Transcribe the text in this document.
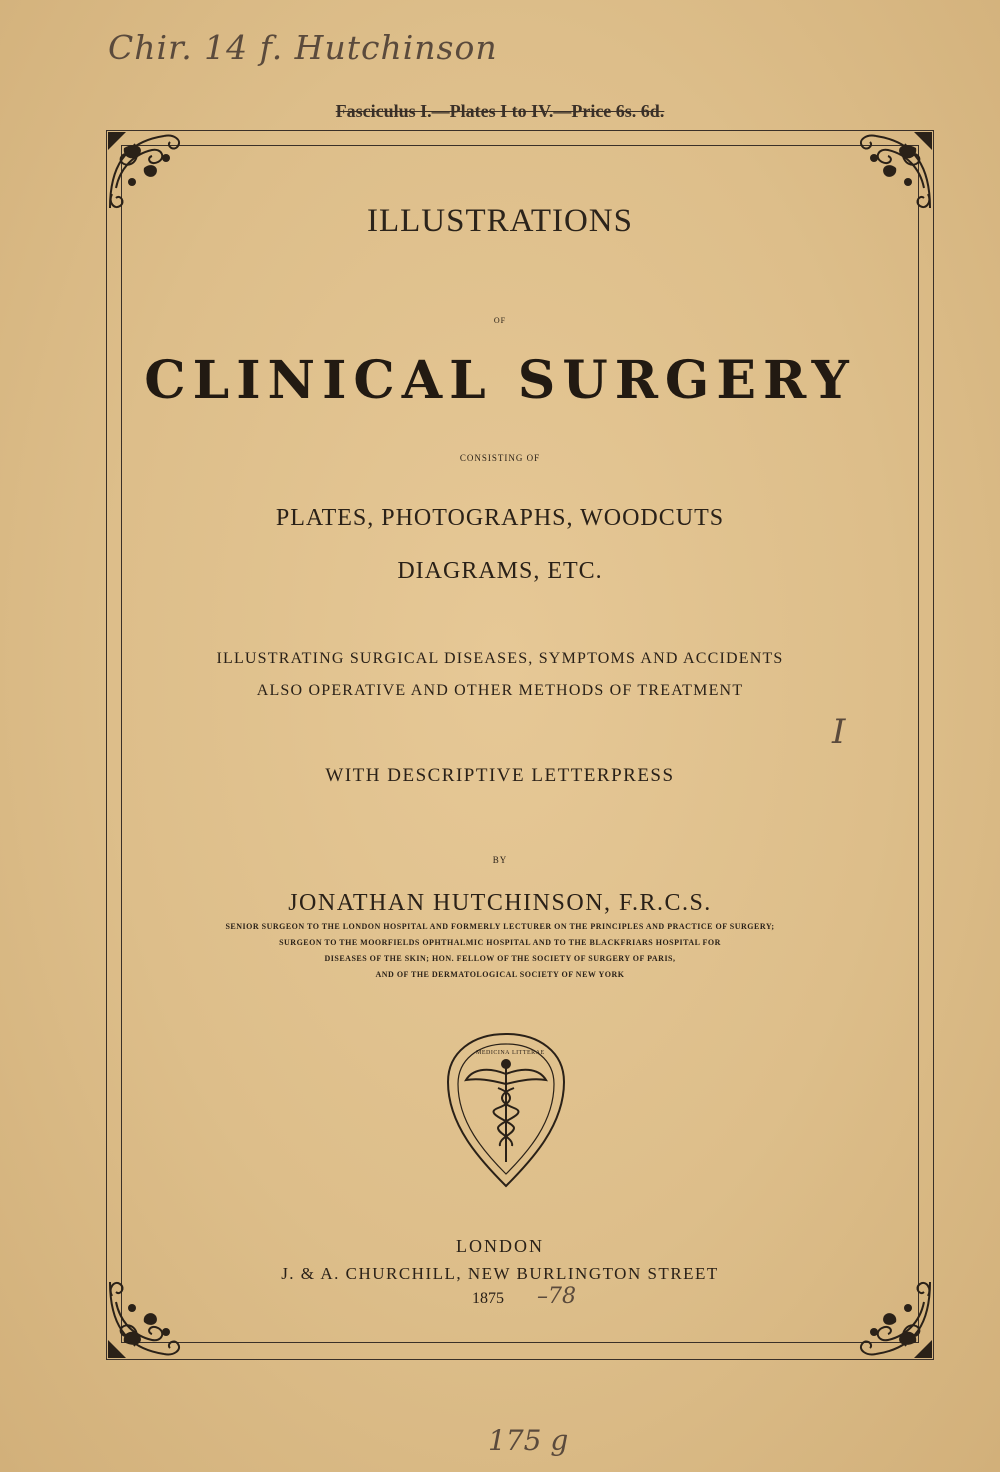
Chir. 14 f. Hutchinson
Fasciculus I.—Plates I to IV.—Price 6s. 6d.
ILLUSTRATIONS
OF
CLINICAL SURGERY
CONSISTING OF
PLATES, PHOTOGRAPHS, WOODCUTS
DIAGRAMS, ETC.
ILLUSTRATING SURGICAL DISEASES, SYMPTOMS AND ACCIDENTS
ALSO OPERATIVE AND OTHER METHODS OF TREATMENT
I
WITH DESCRIPTIVE LETTERPRESS
BY
JONATHAN HUTCHINSON, F.R.C.S.
SENIOR SURGEON TO THE LONDON HOSPITAL AND FORMERLY LECTURER ON THE PRINCIPLES AND PRACTICE OF SURGERY;
SURGEON TO THE MOORFIELDS OPHTHALMIC HOSPITAL AND TO THE BLACKFRIARS HOSPITAL FOR
DISEASES OF THE SKIN; HON. FELLOW OF THE SOCIETY OF SURGERY OF PARIS,
AND OF THE DERMATOLOGICAL SOCIETY OF NEW YORK
MEDICINA LITTERAE
LONDON
J. & A. CHURCHILL, NEW BURLINGTON STREET
1875	–78
175 g
